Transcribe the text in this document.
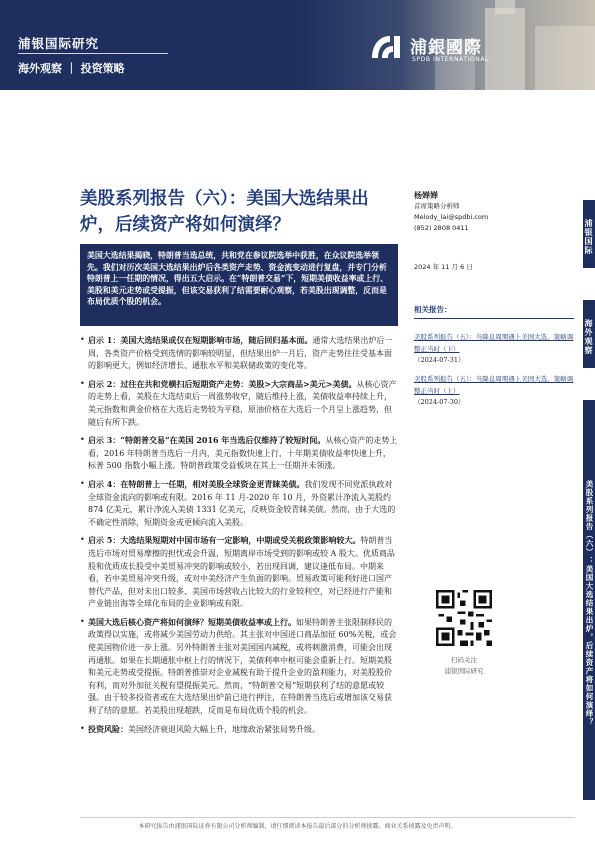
浦银国际研究
海外观察 ｜ 投资策略
浦銀國際
SPDB INTERNATIONAL
美股系列报告（六）：美国大选结果出炉，后续资产将如何演绎？
美国大选结果揭晓，特朗普当选总统，共和党在参议院选举中获胜，在众议院选举领先。我们对历次美国大选结果出炉后各类资产走势、资金流变动进行复盘，并专门分析特朗普上一任期的情况，得出五大启示。在“特朗普交易”下，短期美债收益率或上行、美股和美元走势或受提振，但该交易获利了结需要耐心观察，若美股出现调整，反而是布局优质个股的机会。
• 启示 1：美国大选结果或仅在短期影响市场，随后回归基本面。通常大选结果出炉后一周，各类资产价格受到选情的影响较明显，但结果出炉一月后，资产走势往往受基本面的影响更大，例如经济增长、通胀水平和美联储政策的变化等。
• 启示 2：过往在共和党横扫后短期资产走势：美股>大宗商品>美元>美债。从核心资产的走势上看，美股在大选结束后一周涨势收窄，随后维持上涨，美债收益率持续上升，美元指数和黄金价格在大选后走势较为平稳，原油价格在大选后一个月呈上涨趋势，但随后有所下跌。
• 启示 3：“特朗普交易”在美国 2016 年当选后仅维持了较短时间。从核心资产的走势上看，2016 年特朗普当选后一月内，美元指数快速上行，十年期美债收益率快速上升，标普 500 指数小幅上涨。特朗普政策受益板块在其上一任期并未领涨。
• 启示 4：在特朗普上一任期，相对美股全球资金更青睐美债。我们发现不同党派执政对全球资金流向的影响或有限。2016 年 11 月-2020 年 10 月，外资累计净流入美股约 874 亿美元，累计净流入美债 1331 亿美元，反映资金较青睐美债。然而，由于大选的不确定性消除，短期资金或更倾向流入美股。
• 启示 5：大选结果短期对中国市场有一定影响，中期或受关税政策影响较大。特朗普当选后市场对贸易摩擦的担忧或会升温，短期离岸市场受到的影响或较 A 股大。优质商品股和优质成长股受中美贸易冲突的影响或较小，若出现回调，建议逢低布局。中期来看，若中美贸易冲突升级，或对中美经济产生负面的影响。贸易政策可能利好进口国产替代产品，但对未出口较多、美国市场营收占比较大的行业较利空，对已经进行产能和产业链出海等全球化布局的企业影响或有限。
• 美国大选后核心资产将如何演绎？短期美债收益率或上行。如果特朗普主张限制移民的政策得以实施，或将减少美国劳动力供给。其主张对中国进口商品加征 60%关税，或会使美国物价进一步上涨。另外特朗普主张对美国国内减税，或将刺激消费，可能会出现再通胀。如果在长期通胀中枢上行的情况下，美债利率中枢可能会重新上行。短期美股和美元走势或受提振。特朗普推崇对企业减税有助于提升企业的盈利能力，对美股股价有利，而对外加征关税有望提振美元。然而，“特朗普交易”短期获利了结的意愿或较强。由于较多投资者或在大选结果出炉前已进行押注，在特朗普当选后或增加该交易获利了结的意愿。若美股出现超跌，反而是布局优质个股的机会。
• 投资风险：美国经济衰退风险大幅上升，地缘政治紧张局势升级。
杨婵婵
首席策略分析师
Melody_lai@spdbi.com
(852) 2808 0411
2024 年 11 月 6 日
相关报告：
美股系列报告（五）：当降息周期遇上美国大选，策略调整正当时（下）
（2024-07-31）
美股系列报告（五）：当降息周期遇上美国大选，策略调整正当时（上）
（2024-07-30）
扫码关注
浦银国际研究
浦银国际
海外观察
美股系列报告（六）：美国大选结果出炉，后续资产将如何演绎？
本研究报告由浦银国际证券有限公司分析师编制，请仔细阅读本报告最后部分的分析师披露、商业关系披露及免责声明。
